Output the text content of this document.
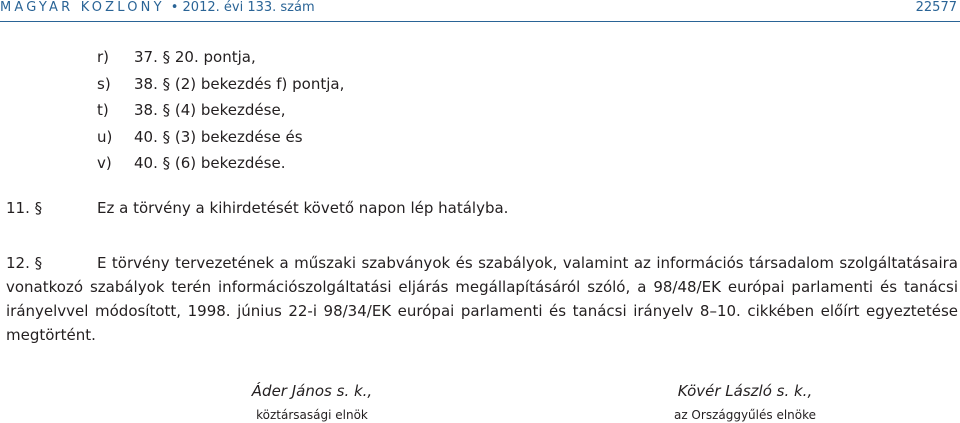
MAGYAR KÖZLÖNY • 2012. évi 133. szám	22577
r) 37. § 20. pontja,
s) 38. § (2) bekezdés f) pontja,
t) 38. § (4) bekezdése,
u) 40. § (3) bekezdése és
v) 40. § (6) bekezdése.
11. §	Ez a törvény a kihirdetését követő napon lép hatályba.
12. §	E törvény tervezetének a műszaki szabványok és szabályok, valamint az információs társadalom szolgáltatásaira vonatkozó szabályok terén információszolgáltatási eljárás megállapításáról szóló, a 98/48/EK európai parlamenti és tanácsi irányelvvel módosított, 1998. június 22-i 98/34/EK európai parlamenti és tanácsi irányelv 8–10. cikkében előírt egyeztetése megtörtént.
Áder János s. k.,
köztársasági elnök
Kövér László s. k.,
az Országgyűlés elnöke
